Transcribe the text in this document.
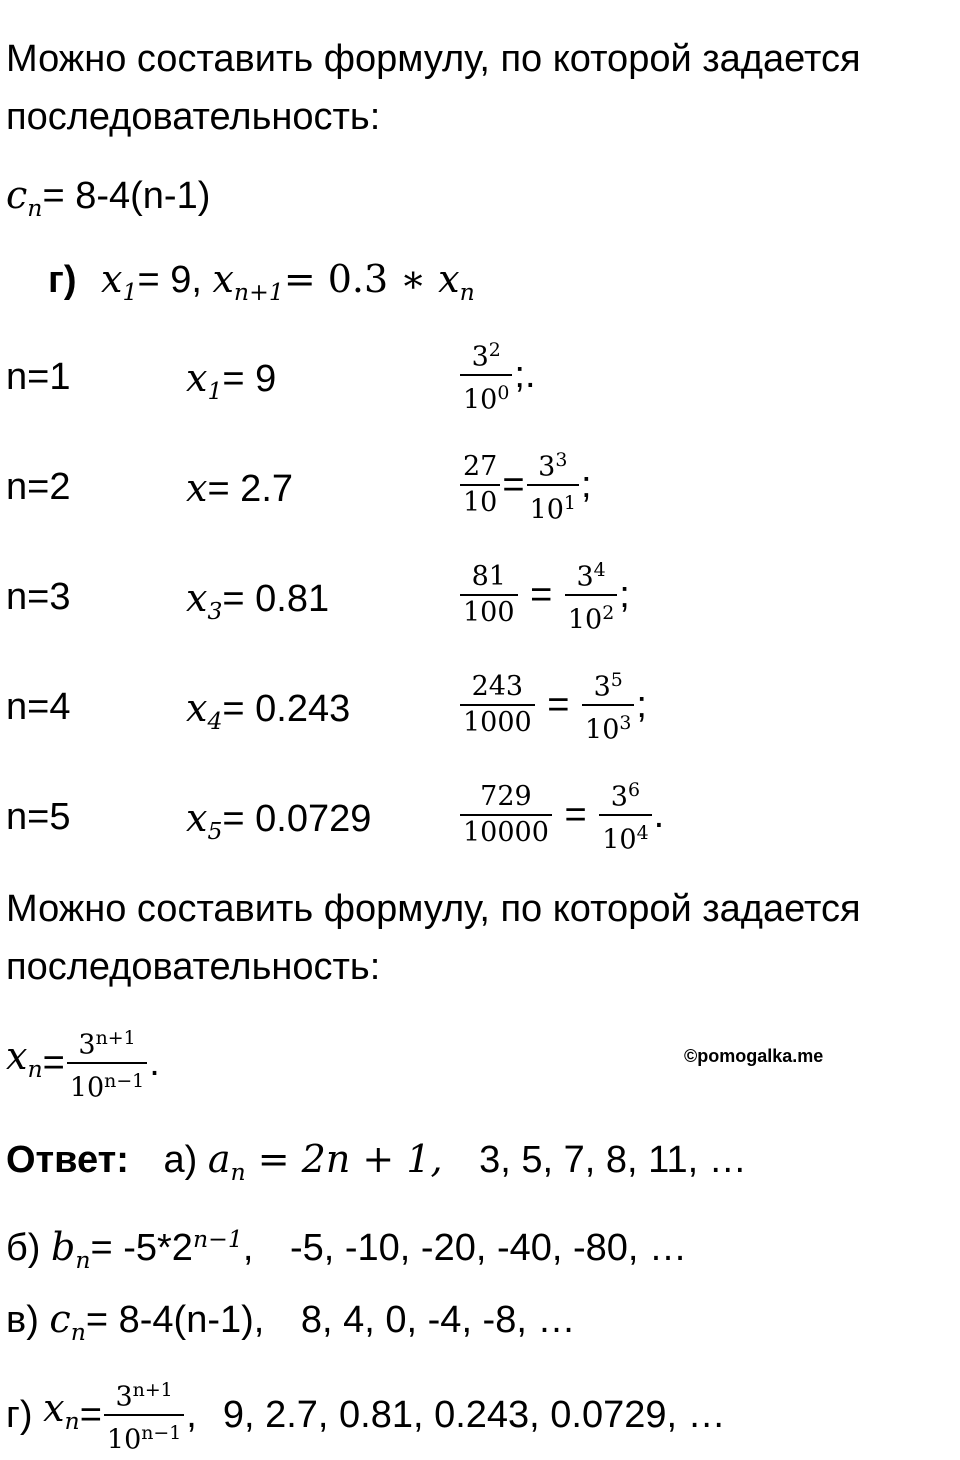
Можно составить формулу, по которой задается последовательность:
$c_n= 8-4(n-1)$
г) $x_1= 9$, $x_{n+1}= 0.3$ ∗ $x_n$
n=1	$x_1= 9$	$\frac{3^2}{10^0}$ ;.
n=2	x= 2.7	$\frac{27}{10} = \frac{3^3}{10^1}$ ;
n=3	$x_3= 0.81$	$\frac{81}{100} = \frac{3^4}{10^2}$ ;
n=4	$x_4= 0.243$	$\frac{243}{1000} = \frac{3^5}{10^3}$ ;
n=5	$x_5= 0.0729$	$\frac{729}{10000} = \frac{3^6}{10^4}$ .
Можно составить формулу, по которой задается последовательность:
$x_n = \frac{3^{n+1}}{10^{n-1}}$ .	©pomogalka.me
Ответ: а) $a_n = 2n + 1$, 3, 5, 7, 8, 11, …
б) $b_n= -5*2^{n-1}$, -5, -10, -20, -40, -80, …
в) $c_n= 8-4(n-1)$, 8, 4, 0, -4, -8, …
г)
$x_n = \frac{3^{n+1}}{10^{n-1}}$ , 9, 2.7, 0.81, 0.243, 0.0729, …
